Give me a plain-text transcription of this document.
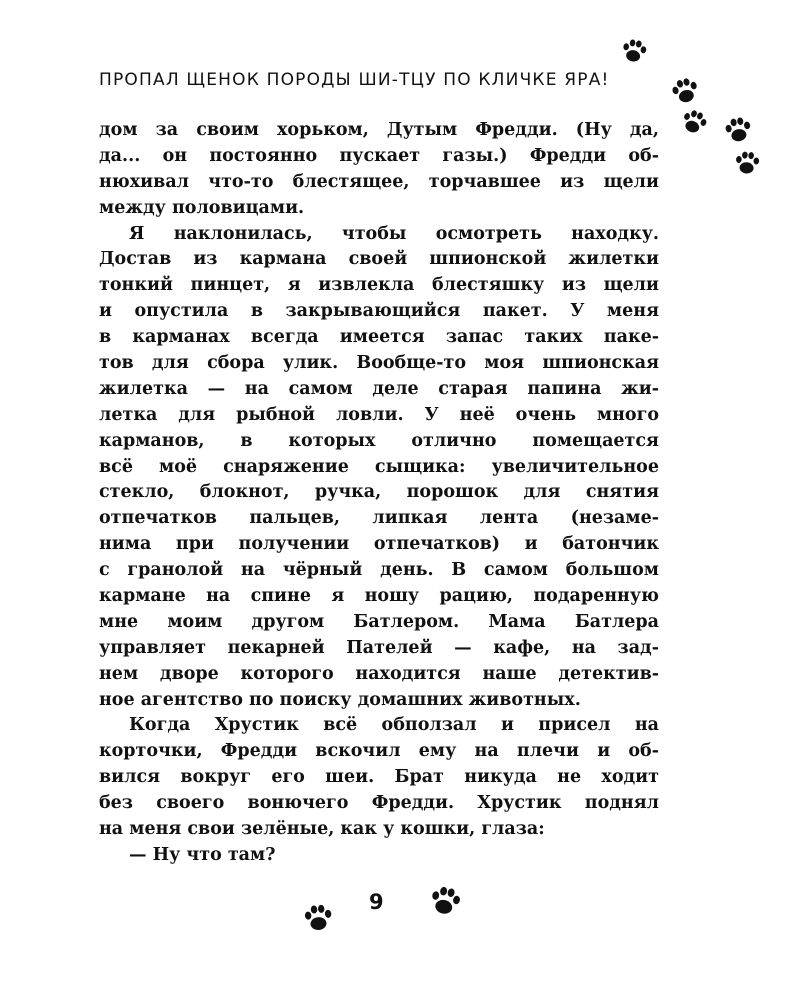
ПРОПАЛ ЩЕНОК ПОРОДЫ ШИ-ТЦУ ПО КЛИЧКЕ ЯРА!
дом за своим хорьком, Дутым Фредди. (Ну да,
да... он постоянно пускает газы.) Фредди об-
нюхивал что-то блестящее, торчавшее из щели
между половицами.
Я наклонилась, чтобы осмотреть находку.
Достав из кармана своей шпионской жилетки
тонкий пинцет, я извлекла блестяшку из щели
и опустила в закрывающийся пакет. У меня
в карманах всегда имеется запас таких паке-
тов для сбора улик. Вообще-то моя шпионская
жилетка — на самом деле старая папина жи-
летка для рыбной ловли. У неё очень много
карманов, в которых отлично помещается
всё моё снаряжение сыщика: увеличительное
стекло, блокнот, ручка, порошок для снятия
отпечатков пальцев, липкая лента (незаме-
нима при получении отпечатков) и батончик
с гранолой на чёрный день. В самом большом
кармане на спине я ношу рацию, подаренную
мне моим другом Батлером. Мама Батлера
управляет пекарней Пателей — кафе, на зад-
нем дворе которого находится наше детектив-
ное агентство по поиску домашних животных.
Когда Хрустик всё обползал и присел на
корточки, Фредди вскочил ему на плечи и об-
вился вокруг его шеи. Брат никуда не ходит
без своего вонючего Фредди. Хрустик поднял
на меня свои зелёные, как у кошки, глаза:
— Ну что там?
9
